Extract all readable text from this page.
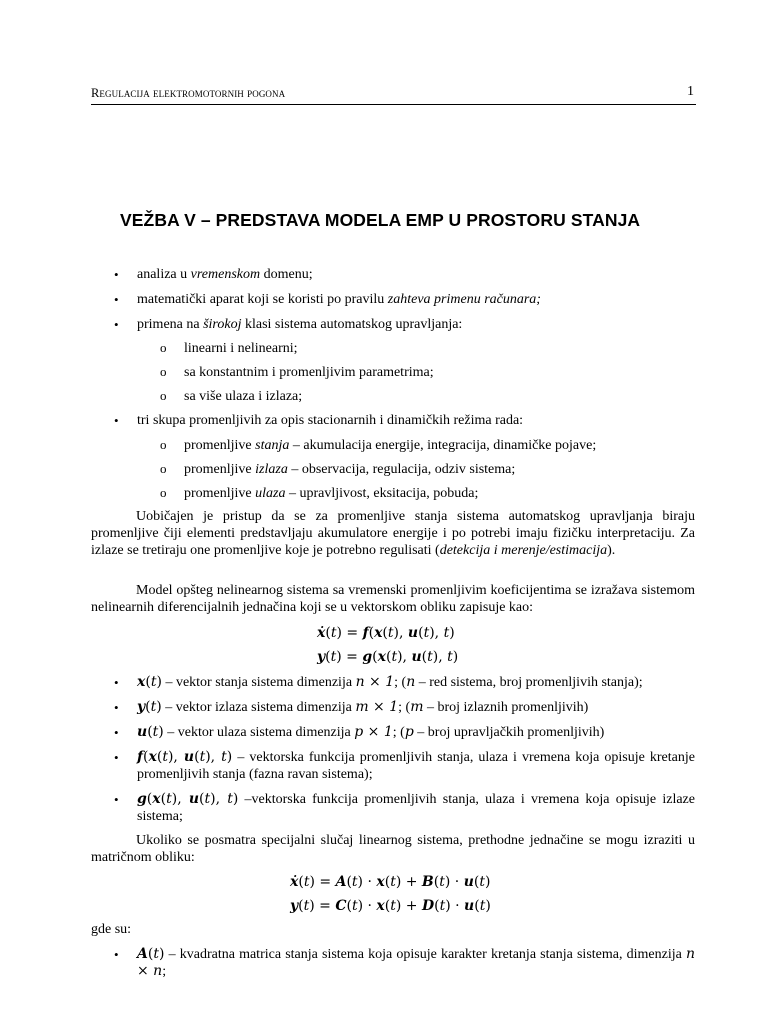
Regulacija elektromotornih pogona	1
VEŽBA V – PREDSTAVA MODELA EMP U PROSTORU STANJA
• analiza u vremenskom domenu;
• matematički aparat koji se koristi po pravilu zahteva primenu računara;
• primena na širokoj klasi sistema automatskog upravljanja:
o linearni i nelinearni;
o sa konstantnim i promenljivim parametrima;
o sa više ulaza i izlaza;
• tri skupa promenljivih za opis stacionarnih i dinamičkih režima rada:
o promenljive stanja – akumulacija energije, integracija, dinamičke pojave;
o promenljive izlaza – observacija, regulacija, odziv sistema;
o promenljive ulaza – upravljivost, eksitacija, pobuda;
Uobičajen je pristup da se za promenljive stanja sistema automatskog upravljanja biraju promenljive čiji elementi predstavljaju akumulatore energije i po potrebi imaju fizičku interpretaciju. Za izlaze se tretiraju one promenljive koje je potrebno regulisati (detekcija i merenje/estimacija).
Model opšteg nelinearnog sistema sa vremenski promenljivim koeficijentima se izražava sistemom nelinearnih diferencijalnih jednačina koji se u vektorskom obliku zapisuje kao:
ẋ(t) = f(x(t), u(t), t)
y(t) = g(x(t), u(t), t)
• x(t) – vektor stanja sistema dimenzija n × 1; (n – red sistema, broj promenljivih stanja);
• y(t) – vektor izlaza sistema dimenzija m × 1; (m – broj izlaznih promenljivih)
• u(t) – vektor ulaza sistema dimenzija p × 1; (p – broj upravljačkih promenljivih)
• f(x(t), u(t), t) – vektorska funkcija promenljivih stanja, ulaza i vremena koja opisuje kretanje promenljivih stanja (fazna ravan sistema);
• g(x(t), u(t), t) –vektorska funkcija promenljivih stanja, ulaza i vremena koja opisuje izlaze sistema;
Ukoliko se posmatra specijalni slučaj linearnog sistema, prethodne jednačine se mogu izraziti u matričnom obliku:
ẋ(t) = A(t) · x(t) + B(t) · u(t)
y(t) = C(t) · x(t) + D(t) · u(t)
gde su:
• A(t) – kvadratna matrica stanja sistema koja opisuje karakter kretanja stanja sistema, dimenzija n × n;
